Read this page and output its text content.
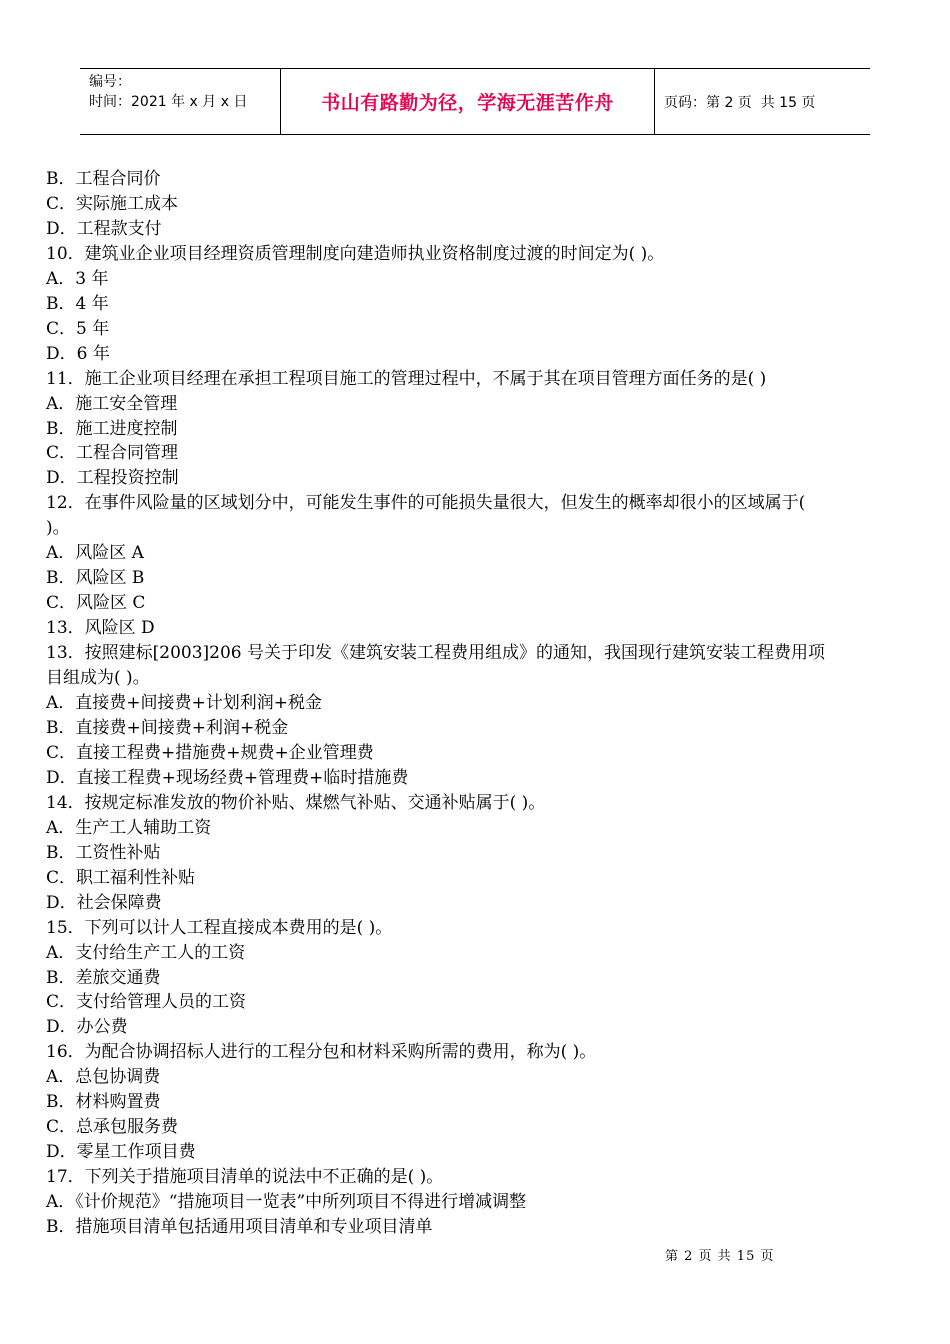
编号：
时间：2021 年 x 月 x 日	书山有路勤为径，学海无涯苦作舟	页码：第 2 页  共 15 页

B．工程合同价

C．实际施工成本

D．工程款支付

10．建筑业企业项目经理资质管理制度向建造师执业资格制度过渡的时间定为( )。

A．3 年

B．4 年

C．5 年

D．6 年

11．施工企业项目经理在承担工程项目施工的管理过程中，不属于其在项目管理方面任务的是( )

A．施工安全管理

B．施工进度控制

C．工程合同管理

D．工程投资控制

12．在事件风险量的区域划分中，可能发生事件的可能损失量很大，但发生的概率却很小的区域属于(

)。

A．风险区 A

B．风险区 B

C．风险区 C

13．风险区 D

13．按照建标[2003]206 号关于印发《建筑安装工程费用组成》的通知，我国现行建筑安装工程费用项

目组成为( )。

A．直接费+间接费+计划利润+税金

B．直接费+间接费+利润+税金

C．直接工程费+措施费+规费+企业管理费

D．直接工程费+现场经费+管理费+临时措施费

14．按规定标准发放的物价补贴、煤燃气补贴、交通补贴属于( )。

A．生产工人辅助工资

B．工资性补贴

C．职工福利性补贴

D．社会保障费

15．下列可以计人工程直接成本费用的是( )。

A．支付给生产工人的工资

B．差旅交通费

C．支付给管理人员的工资

D．办公费

16．为配合协调招标人进行的工程分包和材料采购所需的费用，称为( )。

A．总包协调费

B．材料购置费

C．总承包服务费

D．零星工作项目费

17．下列关于措施项目清单的说法中不正确的是( )。

A．《计价规范》“措施项目一览表”中所列项目不得进行增减调整

B．措施项目清单包括通用项目清单和专业项目清单

第 2 页 共 15 页
